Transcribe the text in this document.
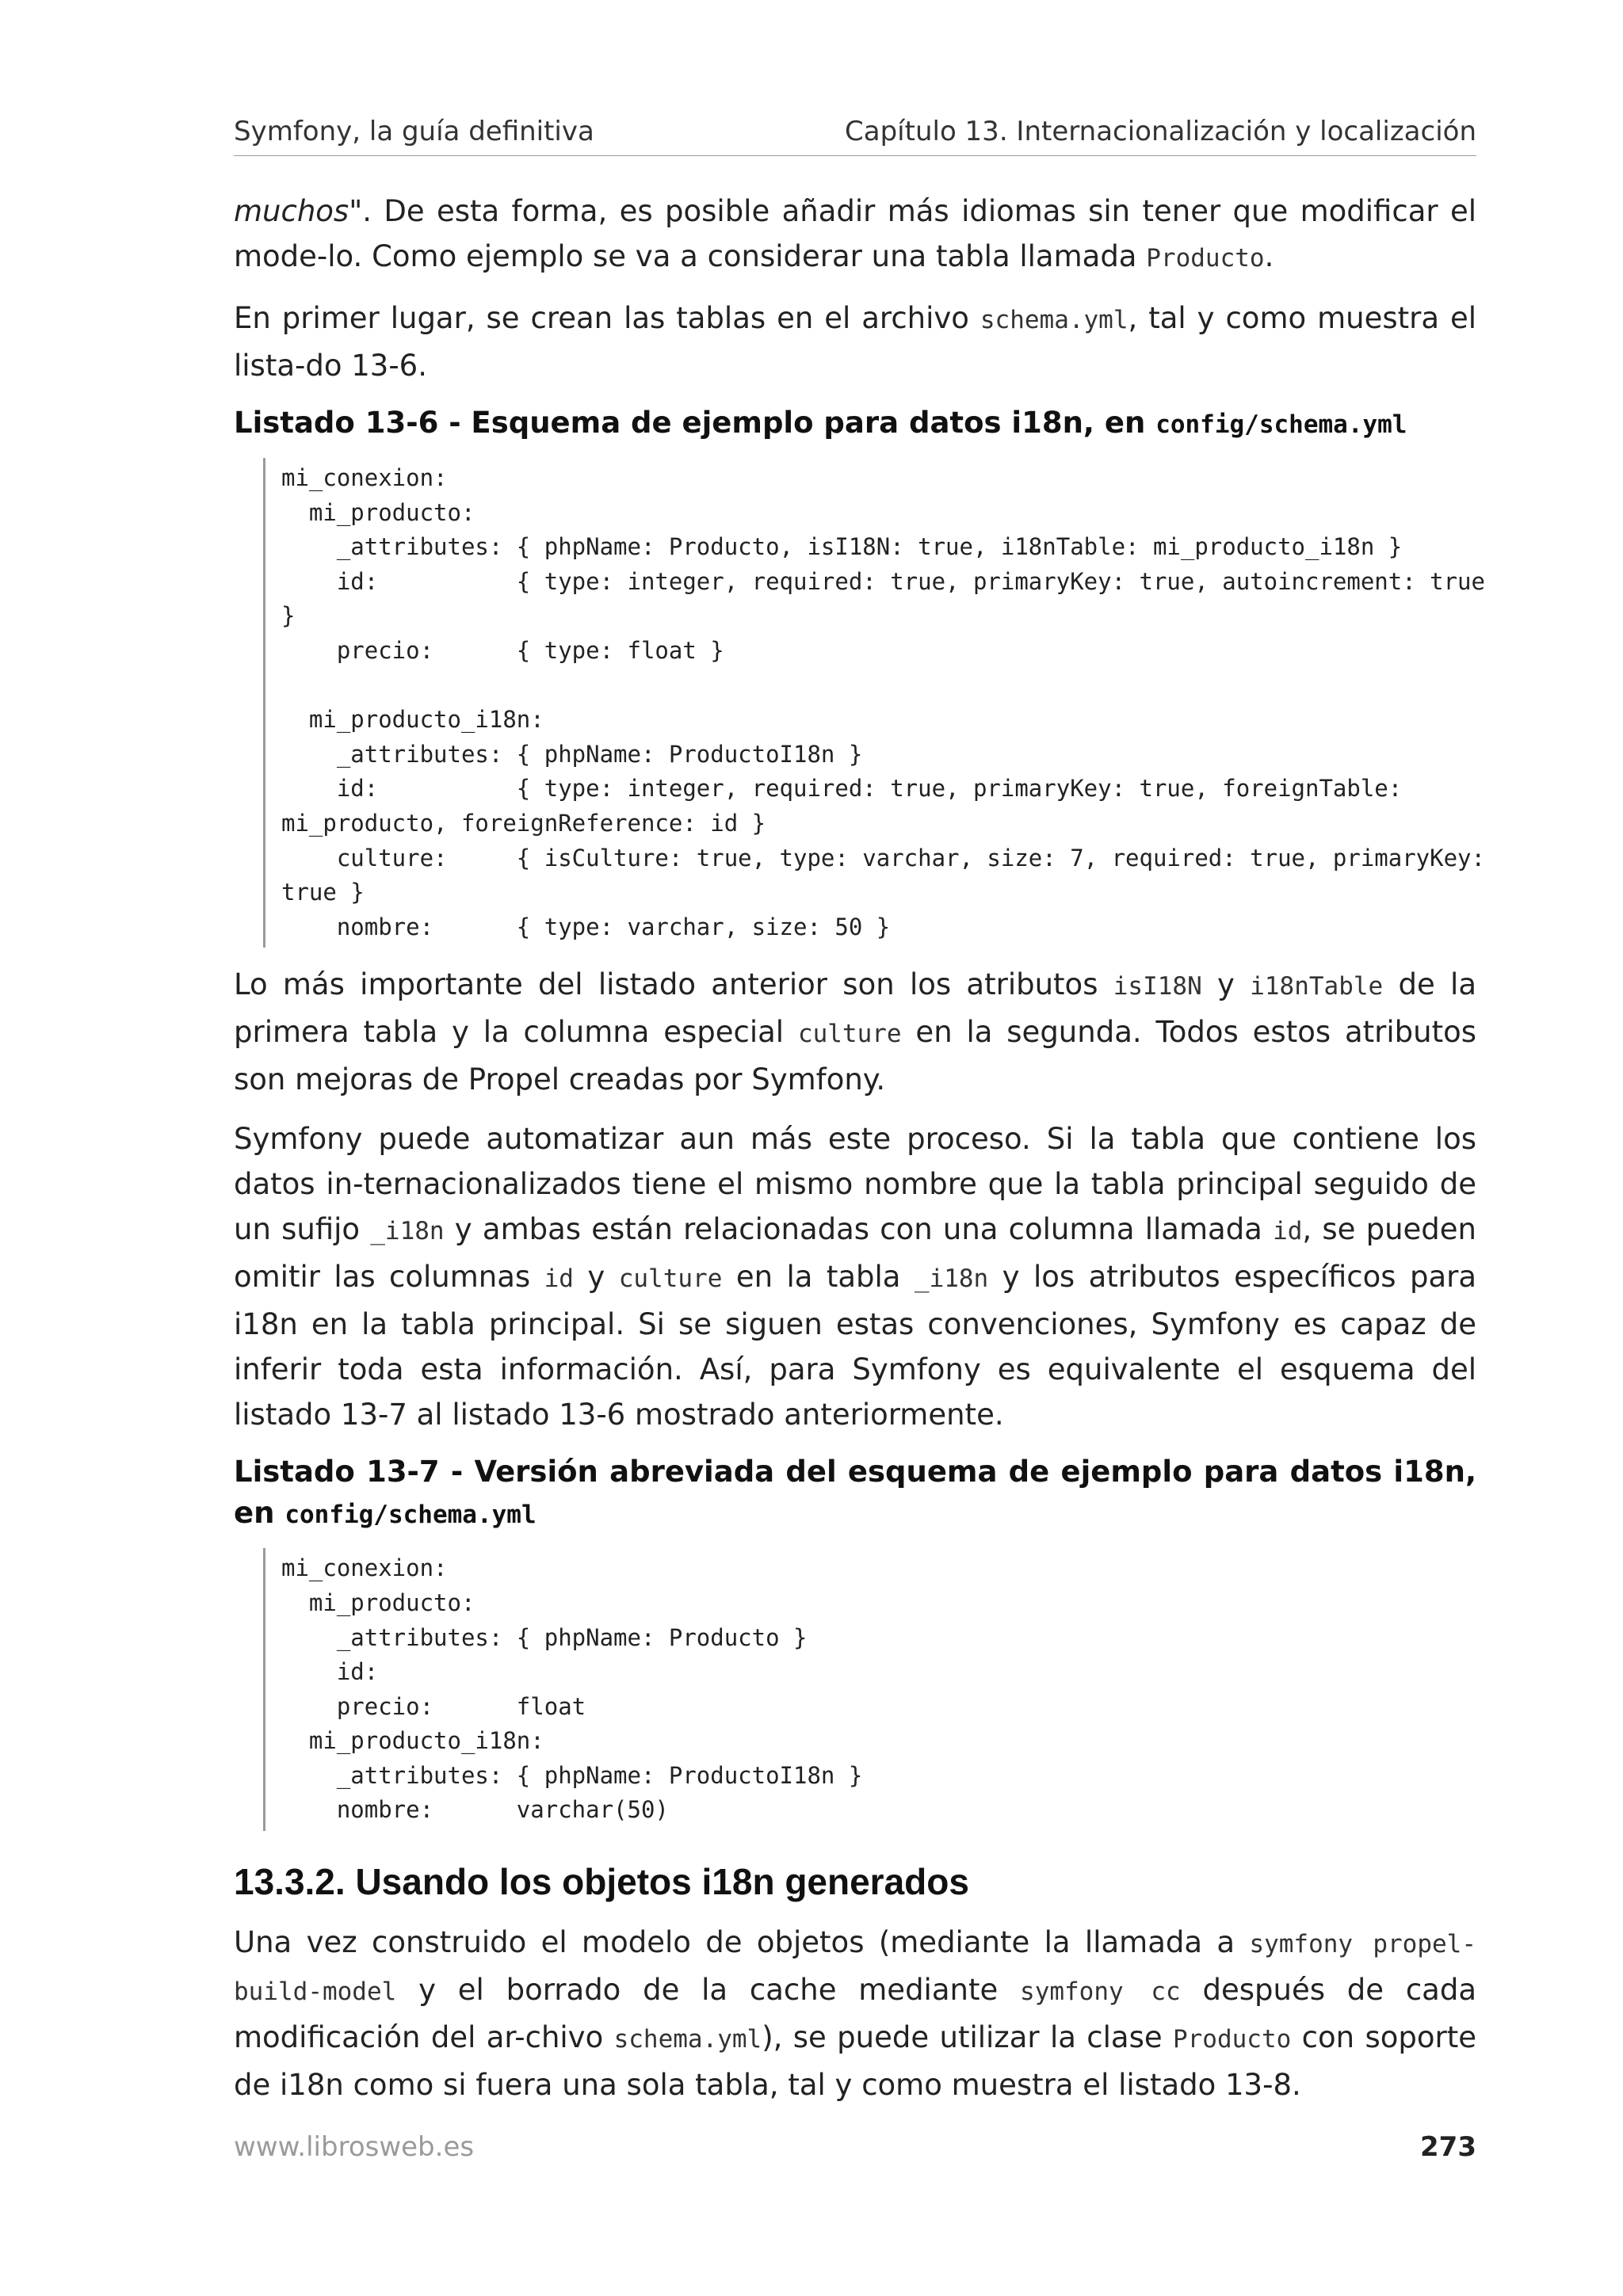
Symfony, la guía definitiva	Capítulo 13. Internacionalización y localización

muchos". De esta forma, es posible añadir más idiomas sin tener que modificar el mode-lo. Como ejemplo se va a considerar una tabla llamada Producto.

En primer lugar, se crean las tablas en el archivo schema.yml, tal y como muestra el lista-do 13-6.

Listado 13-6 - Esquema de ejemplo para datos i18n, en config/schema.yml
mi_conexion:
mi_producto:
_attributes: { phpName: Producto, isI18N: true, i18nTable: mi_producto_i18n }
id:          { type: integer, required: true, primaryKey: true, autoincrement: true
}
precio:      { type: float }

mi_producto_i18n:
_attributes: { phpName: ProductoI18n }
id:          { type: integer, required: true, primaryKey: true, foreignTable:
mi_producto, foreignReference: id }
culture:     { isCulture: true, type: varchar, size: 7, required: true, primaryKey:
true }
nombre:      { type: varchar, size: 50 }

Lo más importante del listado anterior son los atributos isI18N y i18nTable de la primera tabla y la columna especial culture en la segunda. Todos estos atributos son mejoras de Propel creadas por Symfony.

Symfony puede automatizar aun más este proceso. Si la tabla que contiene los datos in-ternacionalizados tiene el mismo nombre que la tabla principal seguido de un sufijo _i18n y ambas están relacionadas con una columna llamada id, se pueden omitir las columnas id y culture en la tabla _i18n y los atributos específicos para i18n en la tabla principal. Si se siguen estas convenciones, Symfony es capaz de inferir toda esta información. Así, para Symfony es equivalente el esquema del listado 13-7 al listado 13-6 mostrado anteriormente.

Listado 13-7 - Versión abreviada del esquema de ejemplo para datos i18n, en config/schema.yml
mi_conexion:
mi_producto:
_attributes: { phpName: Producto }
id:
precio:      float
mi_producto_i18n:
_attributes: { phpName: ProductoI18n }
nombre:      varchar(50)
13.3.2. Usando los objetos i18n generados

Una vez construido el modelo de objetos (mediante la llamada a symfony propel-build-model y el borrado de la cache mediante symfony cc después de cada modificación del ar-chivo schema.yml), se puede utilizar la clase Producto con soporte de i18n como si fuera una sola tabla, tal y como muestra el listado 13-8.

www.librosweb.es	273
